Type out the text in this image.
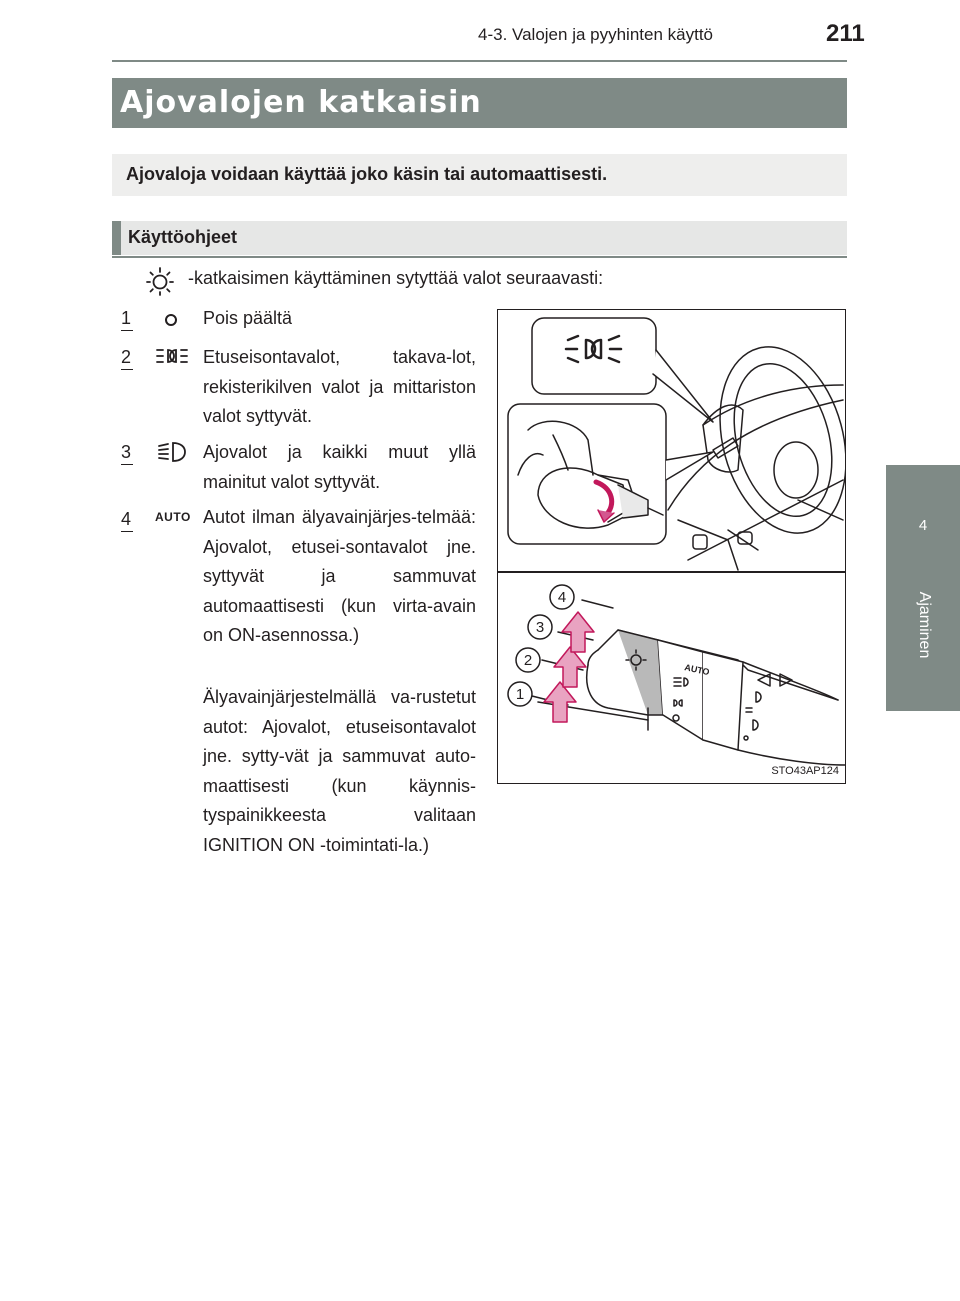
4-3. Valojen ja pyyhinten käyttö	211
4
Ajaminen
Ajovalojen katkaisin
Ajovaloja voidaan käyttää joko käsin tai automaattisesti.
Käyttöohjeet
-katkaisimen käyttäminen sytyttää valot seuraavasti:
1	Pois päältä
2	Etuseisontavalot, takava-lot, rekisterikilven valot ja mittariston valot syttyvät.
3	Ajovalot ja kaikki muut yllä mainitut valot syttyvät.
4 AUTO Autot ilman älyavainjärjes-telmää: Ajovalot, etusei-sontavalot jne. syttyvät ja sammuvat automaattisesti (kun virta-avain on ON-asennossa.)
Älyavainjärjestelmällä va-rustetut autot: Ajovalot, etuseisontavalot jne. sytty-vät ja sammuvat auto-maattisesti (kun käynnis-tyspainikkeesta valitaan IGNITION ON -toimintati-la.)
4
3
2
1
AUTO
STO43AP124
